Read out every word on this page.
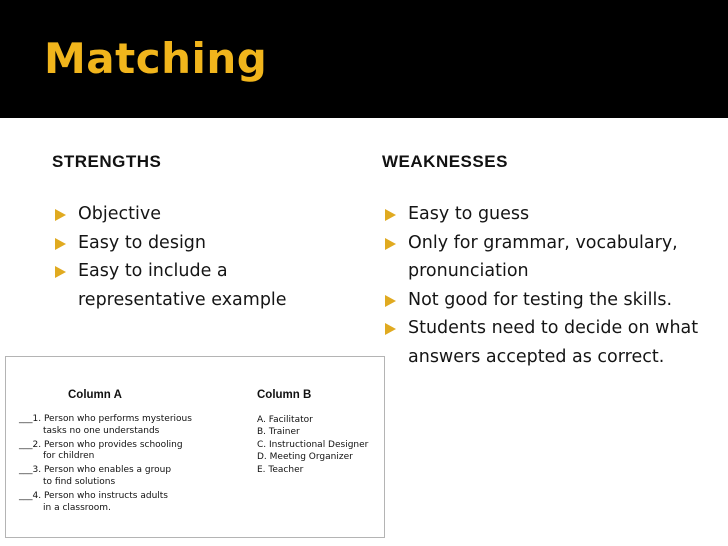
Matching
STRENGTHS
Objective
Easy to design
Easy to include a representative example
WEAKNESSES
Easy to guess
Only for grammar, vocabulary, pronunciation
Not good for testing the skills.
Students need to decide on what answers accepted as correct.
Column A	Column B
___1. Person who performs mysterious
tasks no one understands
___2. Person who provides schooling
for children
___3. Person who enables a group
to find solutions
___4. Person who instructs adults
in a classroom.
A. Facilitator
B. Trainer
C. Instructional Designer
D. Meeting Organizer
E. Teacher
